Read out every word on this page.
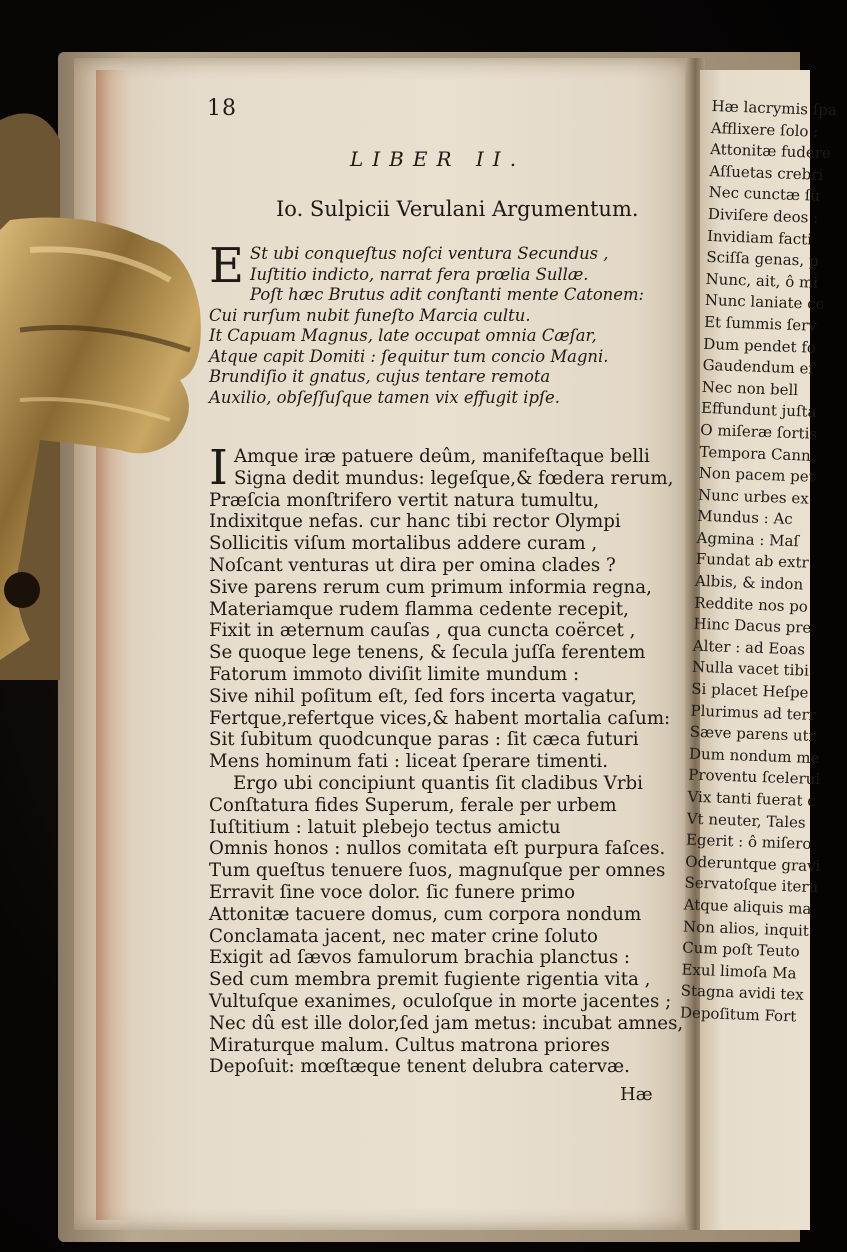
18
LIBER II.
Io. Sulpicii Verulani Argumentum.
E St ubi conqueſtus noſci ventura Secundus ,
Iuſtitio indicto, narrat fera prœlia Sullæ.
Poſt hæc Brutus adit conſtanti mente Catonem:
Cui rurſum nubit funeſto Marcia cultu.
It Capuam Magnus, late occupat omnia Cæſar,
Atque capit Domiti : ſequitur tum concio Magni.
Brundiſio it gnatus, cujus tentare remota
Auxilio, obſeſſuſque tamen vix effugit ipſe.
I Amque iræ patuere deûm, manifeſtaque belli
Signa dedit mundus: legeſque,& fœdera rerum,
Præſcia monſtrifero vertit natura tumultu,
Indixitque nefas. cur hanc tibi rector Olympi
Sollicitis viſum mortalibus addere curam ,
Noſcant venturas ut dira per omina clades ?
Sive parens rerum cum primum informia regna,
Materiamque rudem flamma cedente recepit,
Fixit in æternum cauſas , qua cuncta coërcet ,
Se quoque lege tenens, & ſecula juſſa ferentem
Fatorum immoto diviſit limite mundum :
Sive nihil poſitum eſt, ſed fors incerta vagatur,
Fertque,refertque vices,& habent mortalia caſum:
Sit ſubitum quodcunque paras : ſit cæca futuri
Mens hominum fati : liceat ſperare timenti.
Ergo ubi concipiunt quantis ſit cladibus Vrbi
Conſtatura fides Superum, ferale per urbem
Iuſtitium : latuit plebejo tectus amictu
Omnis honos : nullos comitata eſt purpura faſces.
Tum queſtus tenuere ſuos, magnuſque per omnes
Erravit ſine voce dolor. ſic funere primo
Attonitæ tacuere domus, cum corpora nondum
Conclamata jacent, nec mater crine ſoluto
Exigit ad ſævos famulorum brachia planctus :
Sed cum membra premit fugiente rigentia vita ,
Vultuſque exanimes, oculoſque in morte jacentes ;
Nec dû est ille dolor,ſed jam metus: incubat amnes,
Miraturque malum. Cultus matrona priores
Depoſuit: mœſtæque tenent delubra catervæ.
Hæ
Hæ lacrymis ſpa
Afflixere ſolo :
Attonitæ fudere
Aſſuetas crebri
Nec cunctæ ſu
Diviſere deos :
Invidiam facti
Sciſſa genas, p
Nunc, ait, ô mi
Nunc laniate cc
Et ſummis ſerv
Dum pendet fo
Gaudendum eſ
Nec non bell
Effundunt juſta
O miſeræ ſortis
Tempora Cann
Non pacem pet
Nunc urbes ex
Mundus : Ac
Agmina : Maſ
Fundat ab extr
Albis, & indon
Reddite nos po
Hinc Dacus pre
Alter : ad Eoas
Nulla vacet tibi
Si placet Heſpe
Plurimus ad terr
Sæve parens utr
Dum nondum me
Proventu ſcelerui
Vix tanti fuerat c
Vt neuter, Tales
Egerit : ô miſero
Oderuntque gravi
Servatoſque iteru
Atque aliquis ma
Non alios, inquit
Cum poſt Teuto
Exul limoſa Ma
Stagna avidi tex
Depoſitum Fort
